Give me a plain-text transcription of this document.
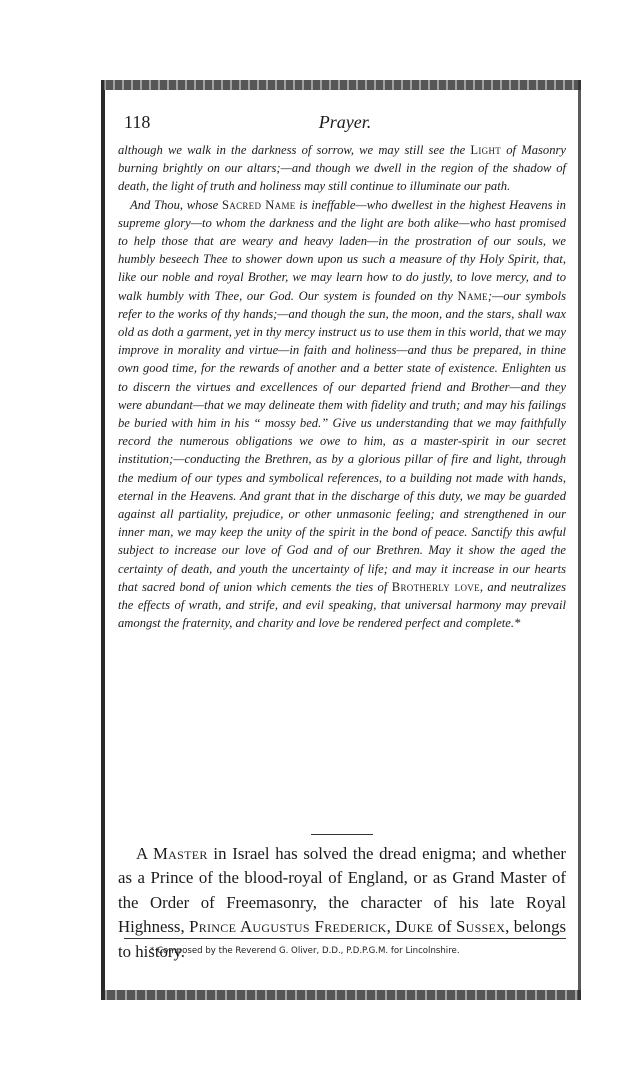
118	Prayer.

although we walk in the darkness of sorrow, we may still see the Light of Masonry burning brightly on our altars;—and though we dwell in the region of the shadow of death, the light of truth and holiness may still continue to illuminate our path.

And Thou, whose Sacred Name is ineffable—who dwellest in the highest Heavens in supreme glory—to whom the darkness and the light are both alike—who hast promised to help those that are weary and heavy laden—in the prostration of our souls, we humbly beseech Thee to shower down upon us such a measure of thy Holy Spirit, that, like our noble and royal Brother, we may learn how to do justly, to love mercy, and to walk humbly with Thee, our God. Our system is founded on thy Name;—our symbols refer to the works of thy hands;—and though the sun, the moon, and the stars, shall wax old as doth a garment, yet in thy mercy instruct us to use them in this world, that we may improve in morality and virtue—in faith and holiness—and thus be prepared, in thine own good time, for the rewards of another and a better state of existence. Enlighten us to discern the virtues and excellences of our departed friend and Brother—and they were abundant—that we may delineate them with fidelity and truth; and may his failings be buried with him in his “ mossy bed.” Give us understanding that we may faithfully record the numerous obligations we owe to him, as a master-spirit in our secret institution;—conducting the Brethren, as by a glorious pillar of fire and light, through the medium of our types and symbolical references, to a building not made with hands, eternal in the Heavens. And grant that in the discharge of this duty, we may be guarded against all partiality, prejudice, or other unmasonic feeling; and strengthened in our inner man, we may keep the unity of the spirit in the bond of peace. Sanctify this awful subject to increase our love of God and of our Brethren. May it show the aged the certainty of death, and youth the uncertainty of life; and may it increase in our hearts that sacred bond of union which cements the ties of Brotherly love, and neutralizes the effects of wrath, and strife, and evil speaking, that universal harmony may prevail amongst the fraternity, and charity and love be rendered perfect and complete.*

A Master in Israel has solved the dread enigma; and whether as a Prince of the blood-royal of England, or as Grand Master of the Order of Freemasonry, the character of his late Royal Highness, Prince Augustus Frederick, Duke of Sussex, belongs to history.

* Composed by the Reverend G. Oliver, D.D., P.D.P.G.M. for Lincolnshire.
